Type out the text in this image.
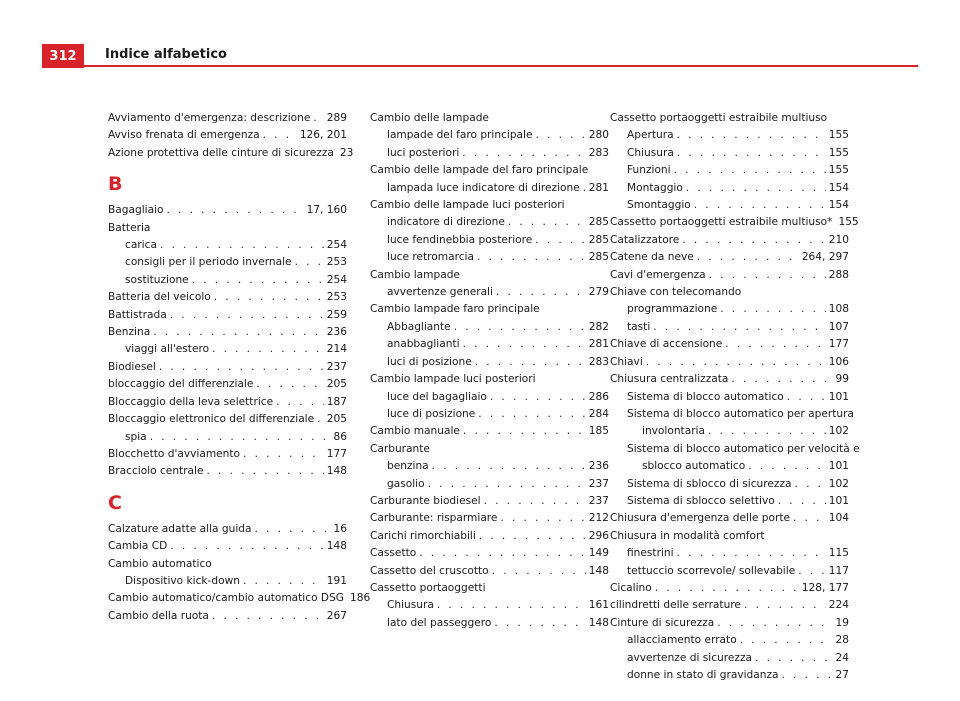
312	Indice alfabetico
Avviamento d'emergenza: descrizione . . . 289
Avviso frenata di emergenza . . .	126, 201
Azione protettiva delle cinture di sicurezza 23
B
Bagagliaio . . .	17, 160
Batteria
carica . . .	254
consigli per il periodo invernale . . .	253
sostituzione . . .	254
Batteria del veicolo . . .	253
Battistrada . . .	259
Benzina . . .	236
viaggi all'estero . . .	214
Biodiesel . . .	237
bloccaggio del differenziale . . .	205
Bloccaggio della leva selettrice . . .	187
Bloccaggio elettronico del differenziale . . . 205
spia . . .	86
Blocchetto d'avviamento . . .	177
Bracciolo centrale . . .	148
C
Calzature adatte alla guida . . .	16
Cambia CD . . .	148
Cambio automatico
Dispositivo kick-down . . .	191
Cambio automatico/cambio automatico DSG 186
Cambio della ruota . . .	267
Cambio delle lampade
lampade del faro principale . . .	280
luci posteriori . . .	283
Cambio delle lampade del faro principale
lampada luce indicatore di direzione . . . 281
Cambio delle lampade luci posteriori
indicatore di direzione . . .	285
luce fendinebbia posteriore . . .	285
luce retromarcia . . .	285
Cambio lampade
avvertenze generali . . .	279
Cambio lampade faro principale
Abbagliante . . .	282
anabbaglianti . . .	281
luci di posizione . . .	283
Cambio lampade luci posteriori
luce del bagagliaio . . .	286
luce di posizione . . .	284
Cambio manuale . . .	185
Carburante
benzina . . .	236
gasolio . . .	237
Carburante biodiesel . . .	237
Carburante: risparmiare . . .	212
Carichi rimorchiabili . . .	296
Cassetto . . .	149
Cassetto del cruscotto . . .	148
Cassetto portaoggetti
Chiusura . . .	161
lato del passeggero . . .	148
Cassetto portaoggetti estraibile multiuso
Apertura . . .	155
Chiusura . . .	155
Funzioni . . .	155
Montaggio . . .	154
Smontaggio . . .	154
Cassetto portaoggetti estraibile multiuso* 155
Catalizzatore . . .	210
Catene da neve . . .	264, 297
Cavi d'emergenza . . .	288
Chiave con telecomando
programmazione . . .	108
tasti . . .	107
Chiave di accensione . . .	177
Chiavi . . .	106
Chiusura centralizzata . . .	99
Sistema di blocco automatico . . .	101
Sistema di blocco automatico per apertura
involontaria . . .	102
Sistema di blocco automatico per velocità e
sblocco automatico . . .	101
Sistema di sblocco di sicurezza . . .	102
Sistema di sblocco selettivo . . .	101
Chiusura d'emergenza delle porte . . .	104
Chiusura in modalità comfort
finestrini . . .	115
tettuccio scorrevole/ sollevabile . . .	117
Cicalino . . .	128, 177
cilindretti delle serrature . . .	224
Cinture di sicurezza . . .	19
allacciamento errato . . .	28
avvertenze di sicurezza . . .	24
donne in stato di gravidanza . . .	27
